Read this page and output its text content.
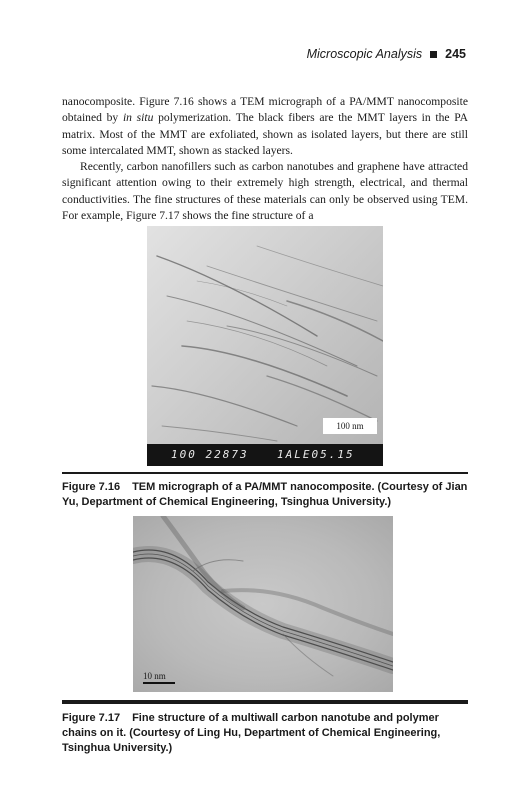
Microscopic Analysis 245

nanocomposite. Figure 7.16 shows a TEM micrograph of a PA/MMT nanocomposite obtained by in situ polymerization. The black fibers are the MMT layers in the PA matrix. Most of the MMT are exfoliated, shown as isolated layers, but there are still some intercalated MMT, shown as stacked layers.

Recently, carbon nanofillers such as carbon nanotubes and graphene have attracted significant attention owing to their extremely high strength, electrical, and thermal conductivities. The fine structures of these materials can only be observed using TEM. For example, Figure 7.17 shows the fine structure of a

100 nm
100 22873	1ALE05.15
Figure 7.16 TEM micrograph of a PA/MMT nanocomposite. (Courtesy of Jian Yu, Department of Chemical Engineering, Tsinghua University.)
10 nm
Figure 7.17 Fine structure of a multiwall carbon nanotube and polymer chains on it. (Courtesy of Ling Hu, Department of Chemical Engineering, Tsinghua University.)
